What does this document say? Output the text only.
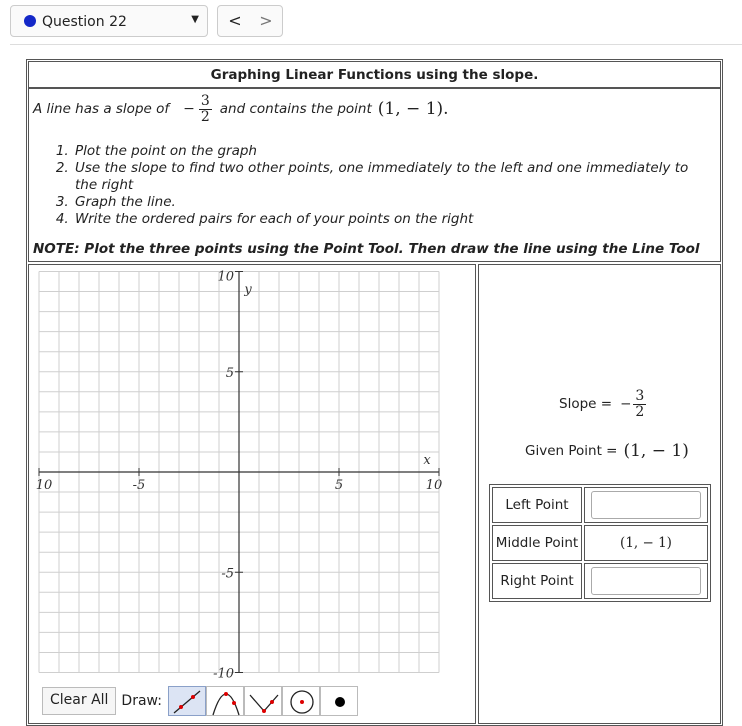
Question 22	▼	<	>
Graphing Linear Functions using the slope.
A line has a slope of − $\frac{3}{2}$ and contains the point (1, − 1).
1. Plot the point on the graph
2. Use the slope to find two other points, one immediately to the left and one immediately to the right
3. Graph the line.
4. Write the ordered pairs for each of your points on the right
NOTE: Plot the three points using the Point Tool. Then draw the line using the Line Tool
10	-5	5	10
10
5
-5
-10
x
y
Clear All Draw:
Slope = − $\frac{3}{2}$
Given Point = (1, − 1)
Left Point	

Middle Point	(1, − 1)
Right Point	
